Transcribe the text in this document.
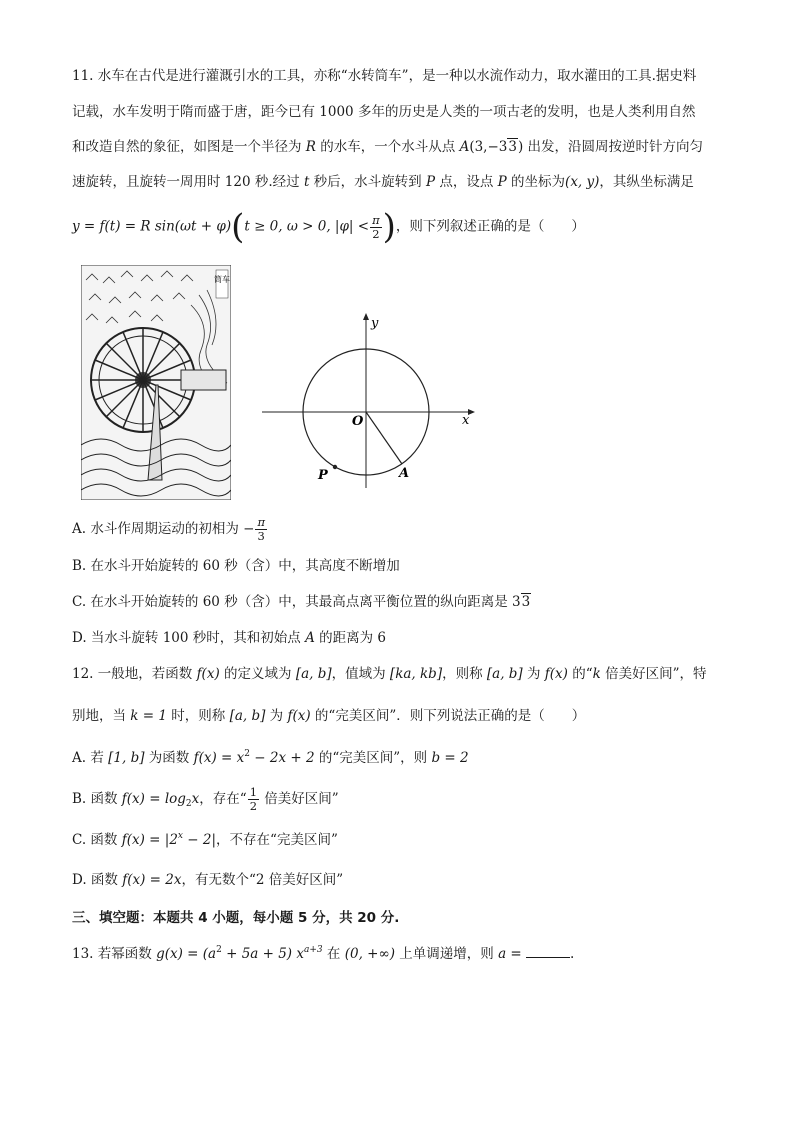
11. 水车在古代是进行灌溉引水的工具，亦称“水转筒车”，是一种以水流作动力，取水灌田的工具.据史料
记载，水车发明于隋而盛于唐，距今已有 1000 多年的历史是人类的一项古老的发明，也是人类利用自然
和改造自然的象征，如图是一个半径为 R 的水车，一个水斗从点 A(3,−33) 出发，沿圆周按逆时针方向匀
速旋转，且旋转一周用时 120 秒.经过 t 秒后，水斗旋转到 P 点，设点 P 的坐标为(x, y)，其纵坐标满足
y = f(t) = R sin(ωt + φ)(t ≥ 0, ω > 0, $|\varphi| < \frac{\pi}{2}$ )，则下列叙述正确的是（　　）
筒车
y
x
O
A
P
A. 水斗作周期运动的初相为 − $\frac{\pi}{3}$
B. 在水斗开始旋转的 60 秒（含）中，其高度不断增加
C. 在水斗开始旋转的 60 秒（含）中，其最高点离平衡位置的纵向距离是 33
D. 当水斗旋转 100 秒时，其和初始点 A 的距离为 6
12. 一般地，若函数 f(x) 的定义域为 [a, b]，值域为 [ka, kb]，则称 [a, b] 为 f(x) 的“k 倍美好区间”，特
别地，当 k = 1 时，则称 [a, b] 为 f(x) 的“完美区间”．则下列说法正确的是（　　）
A. 若 [1, b] 为函数 $f(x) = x^2 - 2x + 2$ 的“完美区间”，则 b = 2
B. 函数 $f(x) = \log_2x$，存在“ $\frac{1}{2}$ 倍美好区间”
C. 函数 $f(x) = |2^x - 2|$，不存在“完美区间”
D. 函数 f(x) = 2x，有无数个“2 倍美好区间”
三、填空题：本题共 4 小题，每小题 5 分，共 20 分.
13. 若幂函数 $g(x) = (a^2 + 5a + 5)$ $x^{a+3}$ 在 (0, +∞) 上单调递增，则 a =	.
